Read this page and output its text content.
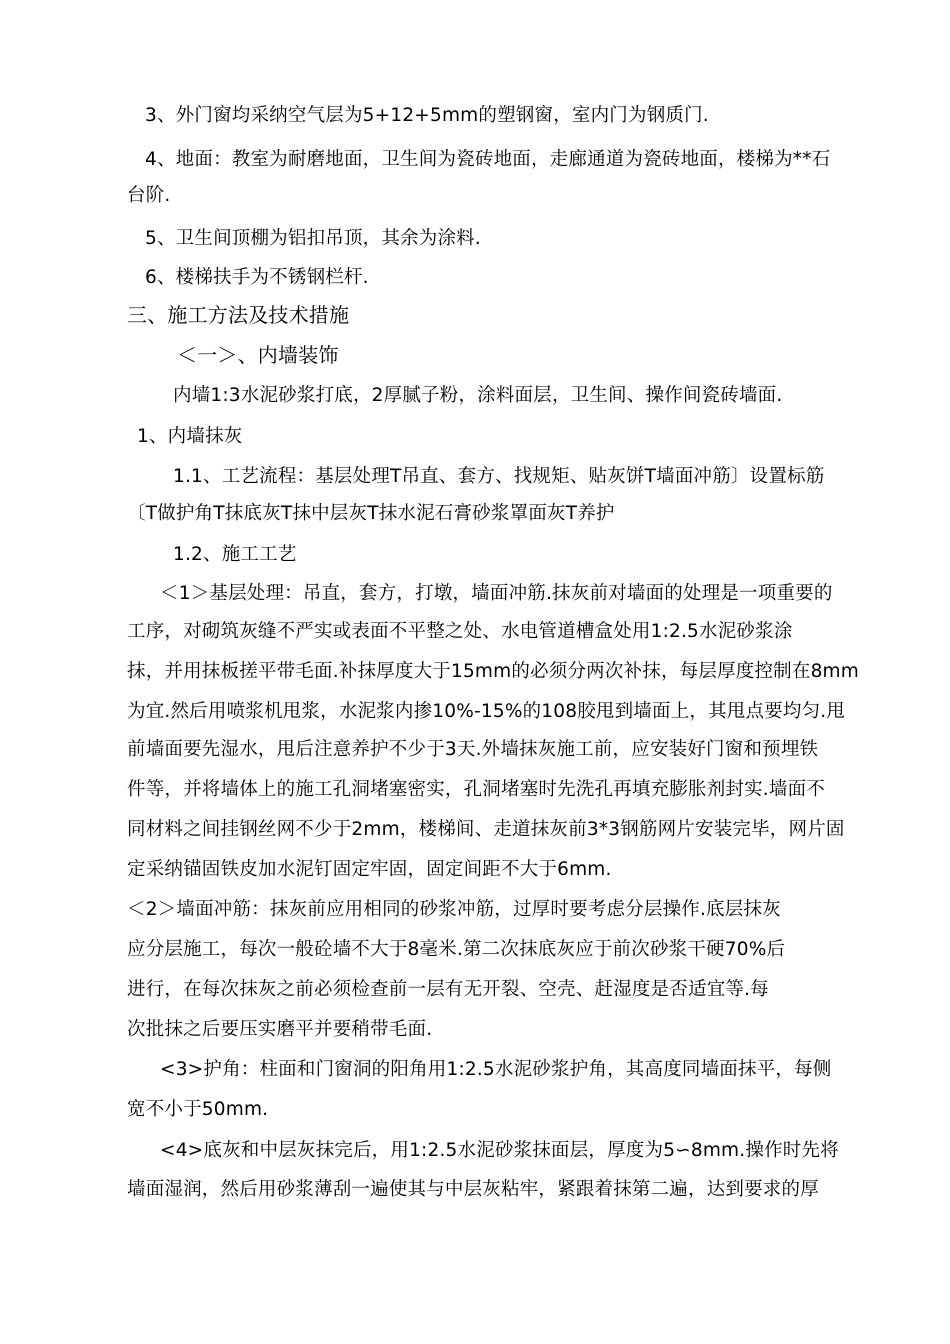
3、外门窗均采纳空气层为5+12+5mm的塑钢窗，室内门为钢质门.
4、地面：教室为耐磨地面，卫生间为瓷砖地面，走廊通道为瓷砖地面，楼梯为**石
台阶.
5、卫生间顶棚为铝扣吊顶，其余为涂料.
6、楼梯扶手为不锈钢栏杆.
三、施工方法及技术措施
＜一＞、内墙装饰
内墙1:3水泥砂浆打底，2厚腻子粉，涂料面层，卫生间、操作间瓷砖墙面.
1、内墙抹灰
1.1、工艺流程：基层处理T吊直、套方、找规矩、贴灰饼T墙面冲筋〕设置标筋
〔T做护角T抹底灰T抹中层灰T抹水泥石膏砂浆罩面灰T养护
1.2、施工工艺
＜1＞基层处理：吊直，套方，打墩，墙面冲筋.抹灰前对墙面的处理是一项重要的
工序，对砌筑灰缝不严实或表面不平整之处、水电管道槽盒处用1:2.5水泥砂浆涂
抹，并用抹板搓平带毛面.补抹厚度大于15mm的必须分两次补抹，每层厚度控制在8mm
为宜.然后用喷浆机甩浆，水泥浆内掺10%-15%的108胶甩到墙面上，其甩点要均匀.甩
前墙面要先湿水，甩后注意养护不少于3天.外墙抹灰施工前，应安装好门窗和预埋铁
件等，并将墙体上的施工孔洞堵塞密实，孔洞堵塞时先洗孔再填充膨胀剂封实.墙面不
同材料之间挂钢丝网不少于2mm，楼梯间、走道抹灰前3*3钢筋网片安装完毕，网片固
定采纳锚固铁皮加水泥钉固定牢固，固定间距不大于6mm.
＜2＞墙面冲筋：抹灰前应用相同的砂浆冲筋，过厚时要考虑分层操作.底层抹灰
应分层施工，每次一般砼墙不大于8毫米.第二次抹底灰应于前次砂浆干硬70%后
进行，在每次抹灰之前必须检查前一层有无开裂、空壳、赶湿度是否适宜等.每
次批抹之后要压实磨平并要稍带毛面.
<3>护角：柱面和门窗洞的阳角用1:2.5水泥砂浆护角，其高度同墙面抹平，每侧
宽不小于50mm.
<4>底灰和中层灰抹完后，用1:2.5水泥砂浆抹面层，厚度为5∽8mm.操作时先将
墙面湿润，然后用砂浆薄刮一遍使其与中层灰粘牢，紧跟着抹第二遍，达到要求的厚
